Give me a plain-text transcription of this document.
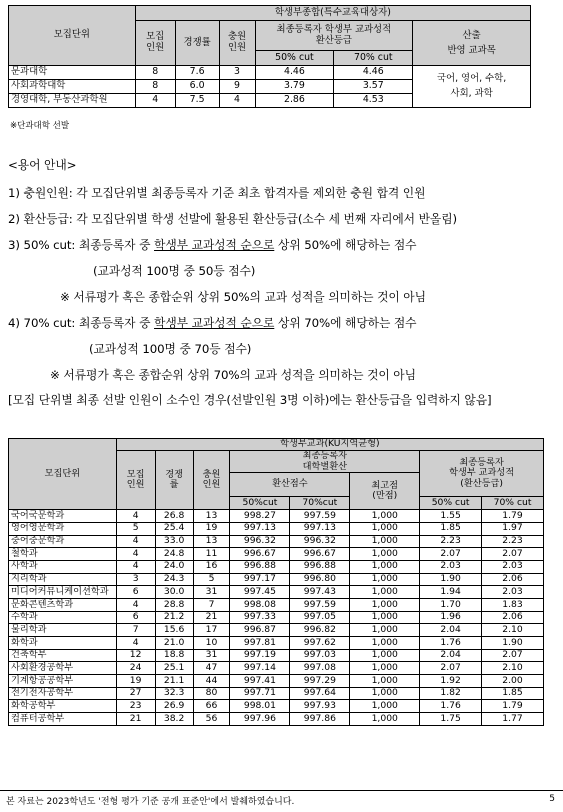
모집단위	학생부종합(특수교육대상자)					
	모집
인원	경쟁률	충원
인원	최종등록자 학생부 교과성적
환산등급		산출
반영 교과목
				50% cut	70% cut	
문과대학	8	7.6	3	4.46	4.46	국어, 영어, 수학,
사회, 과학
사회과학대학	8	6.0	9	3.79	3.57	
경영대학, 부동산과학원	4	7.5	4	2.86	4.53	
※단과대학 선발
<용어 안내>
1) 충원인원: 각 모집단위별 최종등록자 기준 최초 합격자를 제외한 충원 합격 인원
2) 환산등급: 각 모집단위별 학생 선발에 활용된 환산등급(소수 세 번째 자리에서 반올림)
3) 50% cut: 최종등록자 중 학생부 교과성적 순으로 상위 50%에 해당하는 점수
(교과성적 100명 중 50등 점수)
※ 서류평가 혹은 종합순위 상위 50%의 교과 성적을 의미하는 것이 아님
4) 70% cut: 최종등록자 중 학생부 교과성적 순으로 상위 70%에 해당하는 점수
(교과성적 100명 중 70등 점수)
※ 서류평가 혹은 종합순위 상위 70%의 교과 성적을 의미하는 것이 아님
[모집 단위별 최종 선발 인원이 소수인 경우(선발인원 3명 이하)에는 환산등급을 입력하지 않음]
모집단위	학생부교과(KU지역균형)							
	모집
인원	경쟁
률	충원
인원	최종등록자
대학별환산			최종등록자
학생부 교과성적
(환산등급)	
				환산점수		최고점
(만점)		
				50%cut	70%cut		50% cut	70% cut
국어국문학과	4	26.8	13	998.27	997.59	1,000	1.55	1.79
영어영문학과	5	25.4	19	997.13	997.13	1,000	1.85	1.97
중어중문학과	4	33.0	13	996.32	996.32	1,000	2.23	2.23
철학과	4	24.8	11	996.67	996.67	1,000	2.07	2.07
사학과	4	24.0	16	996.88	996.88	1,000	2.03	2.03
지리학과	3	24.3	5	997.17	996.80	1,000	1.90	2.06
미디어커뮤니케이션학과	6	30.0	31	997.45	997.43	1,000	1.94	2.03
문화콘텐츠학과	4	28.8	7	998.08	997.59	1,000	1.70	1.83
수학과	6	21.2	21	997.33	997.05	1,000	1.96	2.06
물리학과	7	15.6	17	996.87	996.82	1,000	2.04	2.10
화학과	4	21.0	10	997.81	997.62	1,000	1.76	1.90
건축학부	12	18.8	31	997.19	997.03	1,000	2.04	2.07
사회환경공학부	24	25.1	47	997.14	997.08	1,000	2.07	2.10
기계항공공학부	19	21.1	44	997.41	997.29	1,000	1.92	2.00
전기전자공학부	27	32.3	80	997.71	997.64	1,000	1.82	1.85
화학공학부	23	26.9	66	998.01	997.93	1,000	1.76	1.79
컴퓨터공학부	21	38.2	56	997.96	997.86	1,000	1.75	1.77
본 자료는 2023학년도 '전형 평가 기준 공개 표준안'에서 발췌하였습니다.	5
